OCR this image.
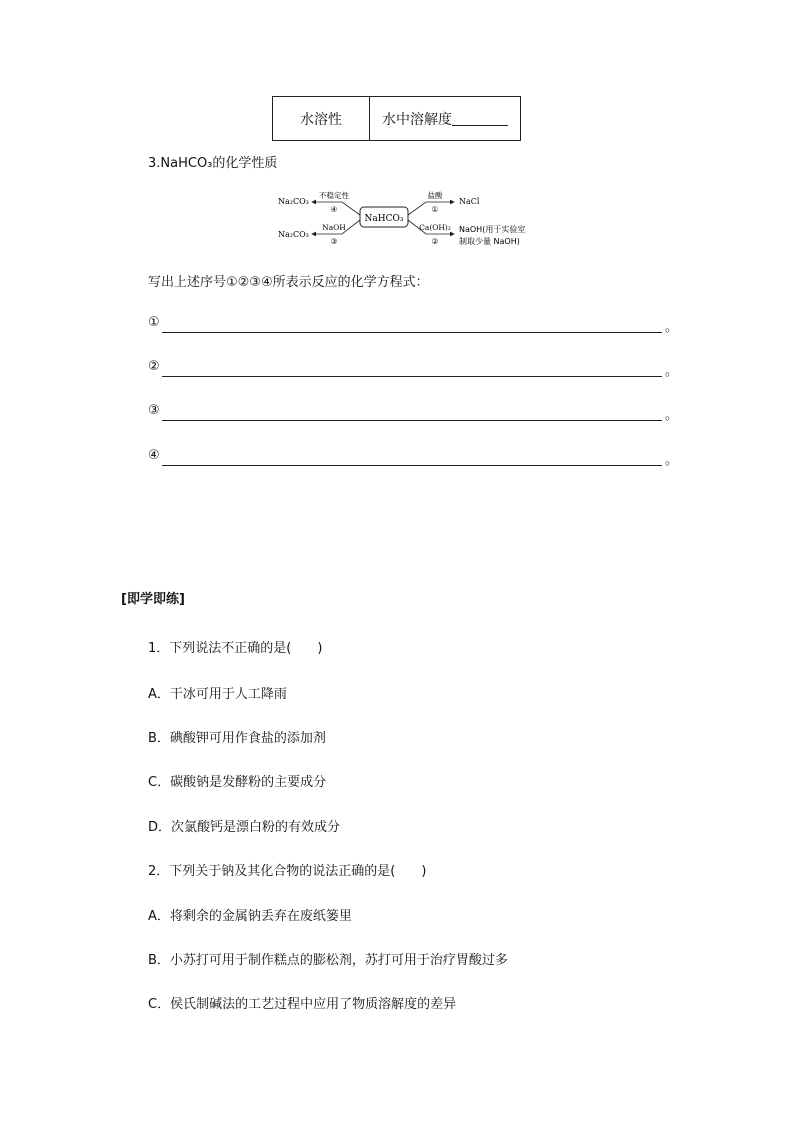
水溶性	水中溶解度
3.NaHCO₃的化学性质
NaHCO₃
Na₂CO₃
不稳定性
④
Na₂CO₃
NaOH
③
盐酸
①
NaCl
Ca(OH)₂
②
NaOH(用于实验室
制取少量 NaOH)
写出上述序号①②③④所表示反应的化学方程式：
①	。
②	。
③	。
④	。
[即学即练]
1．下列说法不正确的是(　　)
A．干冰可用于人工降雨
B．碘酸钾可用作食盐的添加剂
C．碳酸钠是发酵粉的主要成分
D．次氯酸钙是漂白粉的有效成分
2．下列关于钠及其化合物的说法正确的是(　　)
A．将剩余的金属钠丢弃在废纸篓里
B．小苏打可用于制作糕点的膨松剂，苏打可用于治疗胃酸过多
C．侯氏制碱法的工艺过程中应用了物质溶解度的差异
